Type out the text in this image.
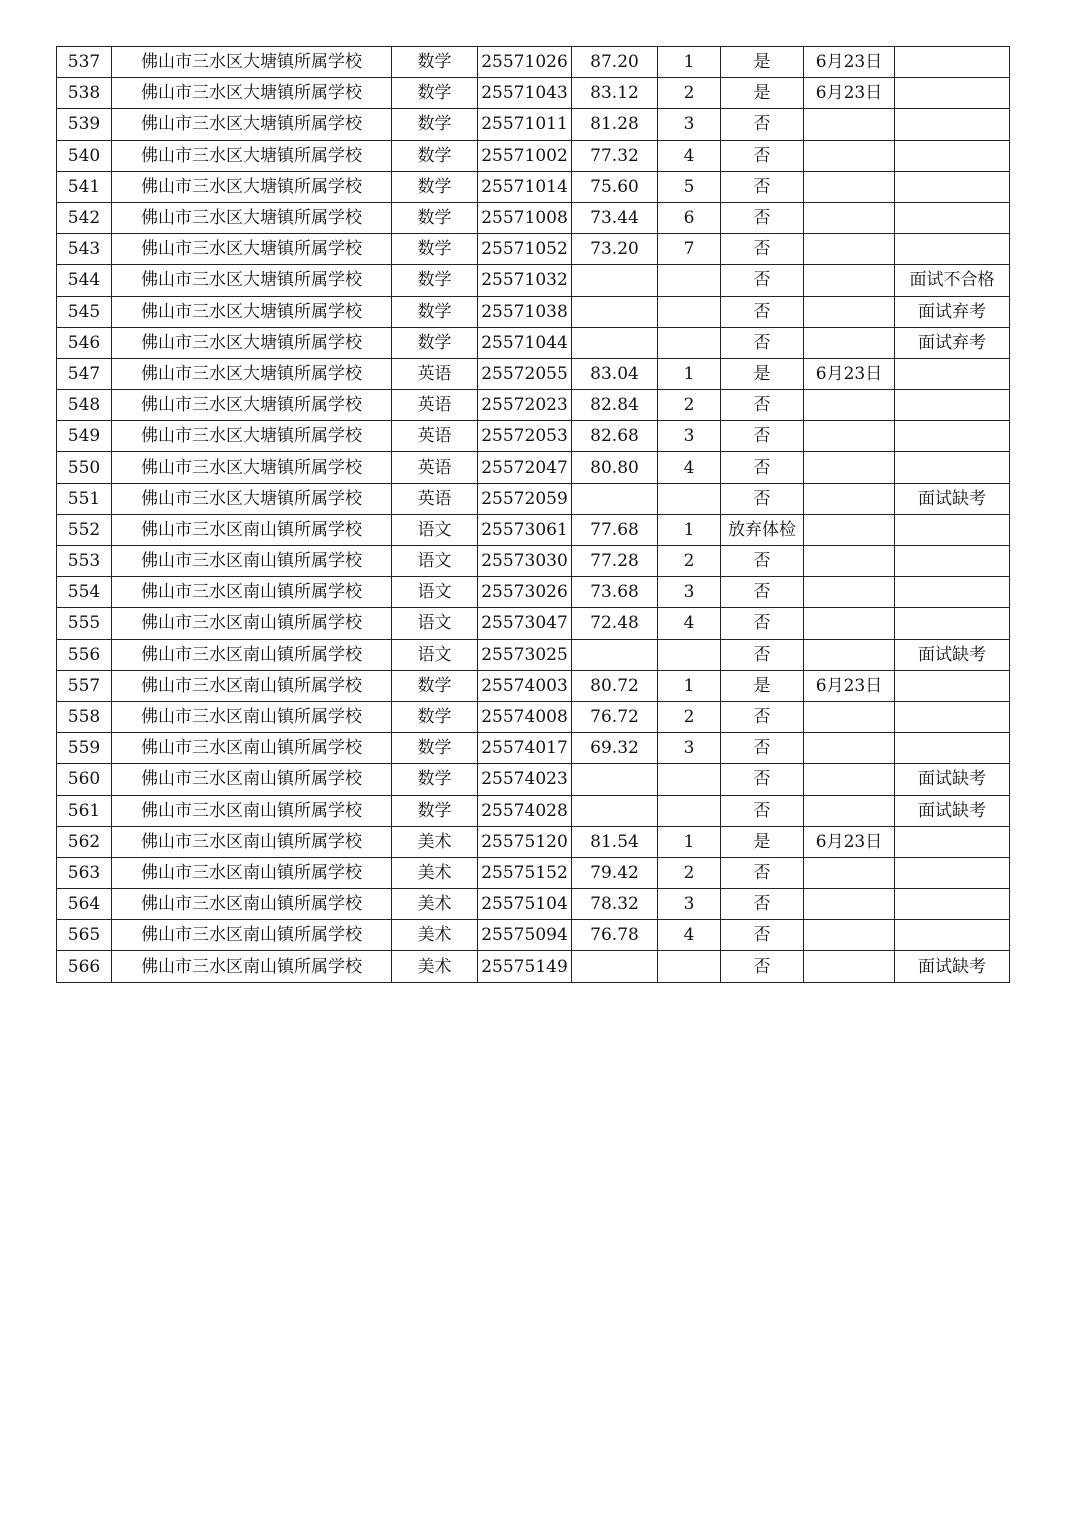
537	佛山市三水区大塘镇所属学校	数学	25571026	87.20	1	是	6月23日	
538	佛山市三水区大塘镇所属学校	数学	25571043	83.12	2	是	6月23日	
539	佛山市三水区大塘镇所属学校	数学	25571011	81.28	3	否		
540	佛山市三水区大塘镇所属学校	数学	25571002	77.32	4	否		
541	佛山市三水区大塘镇所属学校	数学	25571014	75.60	5	否		
542	佛山市三水区大塘镇所属学校	数学	25571008	73.44	6	否		
543	佛山市三水区大塘镇所属学校	数学	25571052	73.20	7	否		
544	佛山市三水区大塘镇所属学校	数学	25571032			否		面试不合格
545	佛山市三水区大塘镇所属学校	数学	25571038			否		面试弃考
546	佛山市三水区大塘镇所属学校	数学	25571044			否		面试弃考
547	佛山市三水区大塘镇所属学校	英语	25572055	83.04	1	是	6月23日	
548	佛山市三水区大塘镇所属学校	英语	25572023	82.84	2	否		
549	佛山市三水区大塘镇所属学校	英语	25572053	82.68	3	否		
550	佛山市三水区大塘镇所属学校	英语	25572047	80.80	4	否		
551	佛山市三水区大塘镇所属学校	英语	25572059			否		面试缺考
552	佛山市三水区南山镇所属学校	语文	25573061	77.68	1	放弃体检		
553	佛山市三水区南山镇所属学校	语文	25573030	77.28	2	否		
554	佛山市三水区南山镇所属学校	语文	25573026	73.68	3	否		
555	佛山市三水区南山镇所属学校	语文	25573047	72.48	4	否		
556	佛山市三水区南山镇所属学校	语文	25573025			否		面试缺考
557	佛山市三水区南山镇所属学校	数学	25574003	80.72	1	是	6月23日	
558	佛山市三水区南山镇所属学校	数学	25574008	76.72	2	否		
559	佛山市三水区南山镇所属学校	数学	25574017	69.32	3	否		
560	佛山市三水区南山镇所属学校	数学	25574023			否		面试缺考
561	佛山市三水区南山镇所属学校	数学	25574028			否		面试缺考
562	佛山市三水区南山镇所属学校	美术	25575120	81.54	1	是	6月23日	
563	佛山市三水区南山镇所属学校	美术	25575152	79.42	2	否		
564	佛山市三水区南山镇所属学校	美术	25575104	78.32	3	否		
565	佛山市三水区南山镇所属学校	美术	25575094	76.78	4	否		
566	佛山市三水区南山镇所属学校	美术	25575149			否		面试缺考
